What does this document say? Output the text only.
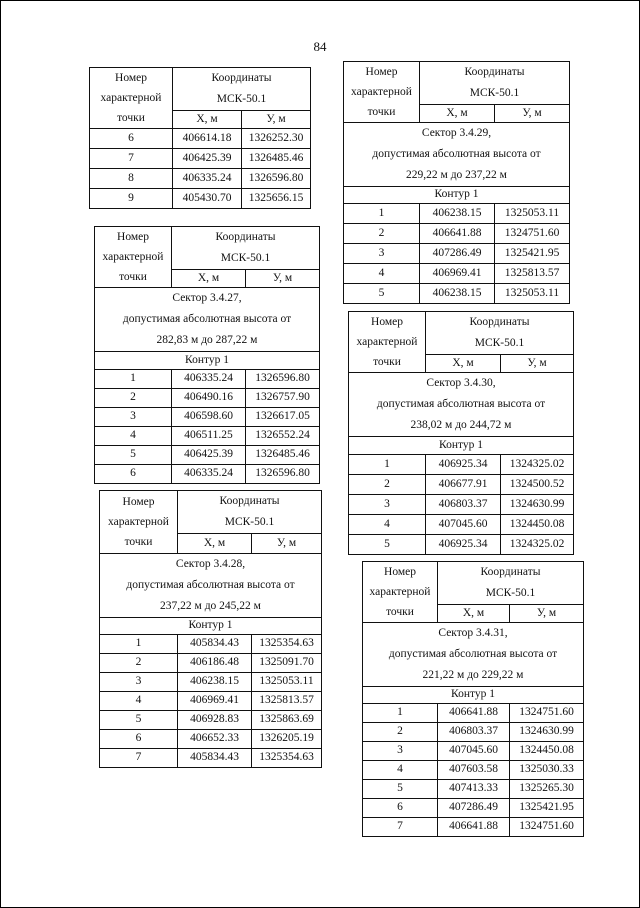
84
Номер
характерной
точки	Координаты
МСК-50.1	
	X, м	У, м
6	406614.18	1326252.30
7	406425.39	1326485.46
8	406335.24	1326596.80
9	405430.70	1325656.15
Номер
характерной
точки	Координаты
МСК-50.1	
	X, м	У, м
Сектор 3.4.27,
допустимая абсолютная высота от
282,83 м до 287,22 м		
Контур 1		
1	406335.24	1326596.80
2	406490.16	1326757.90
3	406598.60	1326617.05
4	406511.25	1326552.24
5	406425.39	1326485.46
6	406335.24	1326596.80
Номер
характерной
точки	Координаты
МСК-50.1	
	X, м	У, м
Сектор 3.4.28,
допустимая абсолютная высота от
237,22 м до 245,22 м		
Контур 1		
1	405834.43	1325354.63
2	406186.48	1325091.70
3	406238.15	1325053.11
4	406969.41	1325813.57
5	406928.83	1325863.69
6	406652.33	1326205.19
7	405834.43	1325354.63
Номер
характерной
точки	Координаты
МСК-50.1	
	X, м	У, м
Сектор 3.4.29,
допустимая абсолютная высота от
229,22 м до 237,22 м		
Контур 1		
1	406238.15	1325053.11
2	406641.88	1324751.60
3	407286.49	1325421.95
4	406969.41	1325813.57
5	406238.15	1325053.11
Номер
характерной
точки	Координаты
МСК-50.1	
	X, м	У, м
Сектор 3.4.30,
допустимая абсолютная высота от
238,02 м до 244,72 м		
Контур 1		
1	406925.34	1324325.02
2	406677.91	1324500.52
3	406803.37	1324630.99
4	407045.60	1324450.08
5	406925.34	1324325.02
Номер
характерной
точки	Координаты
МСК-50.1	
	X, м	У, м
Сектор 3.4.31,
допустимая абсолютная высота от
221,22 м до 229,22 м		
Контур 1		
1	406641.88	1324751.60
2	406803.37	1324630.99
3	407045.60	1324450.08
4	407603.58	1325030.33
5	407413.33	1325265.30
6	407286.49	1325421.95
7	406641.88	1324751.60
